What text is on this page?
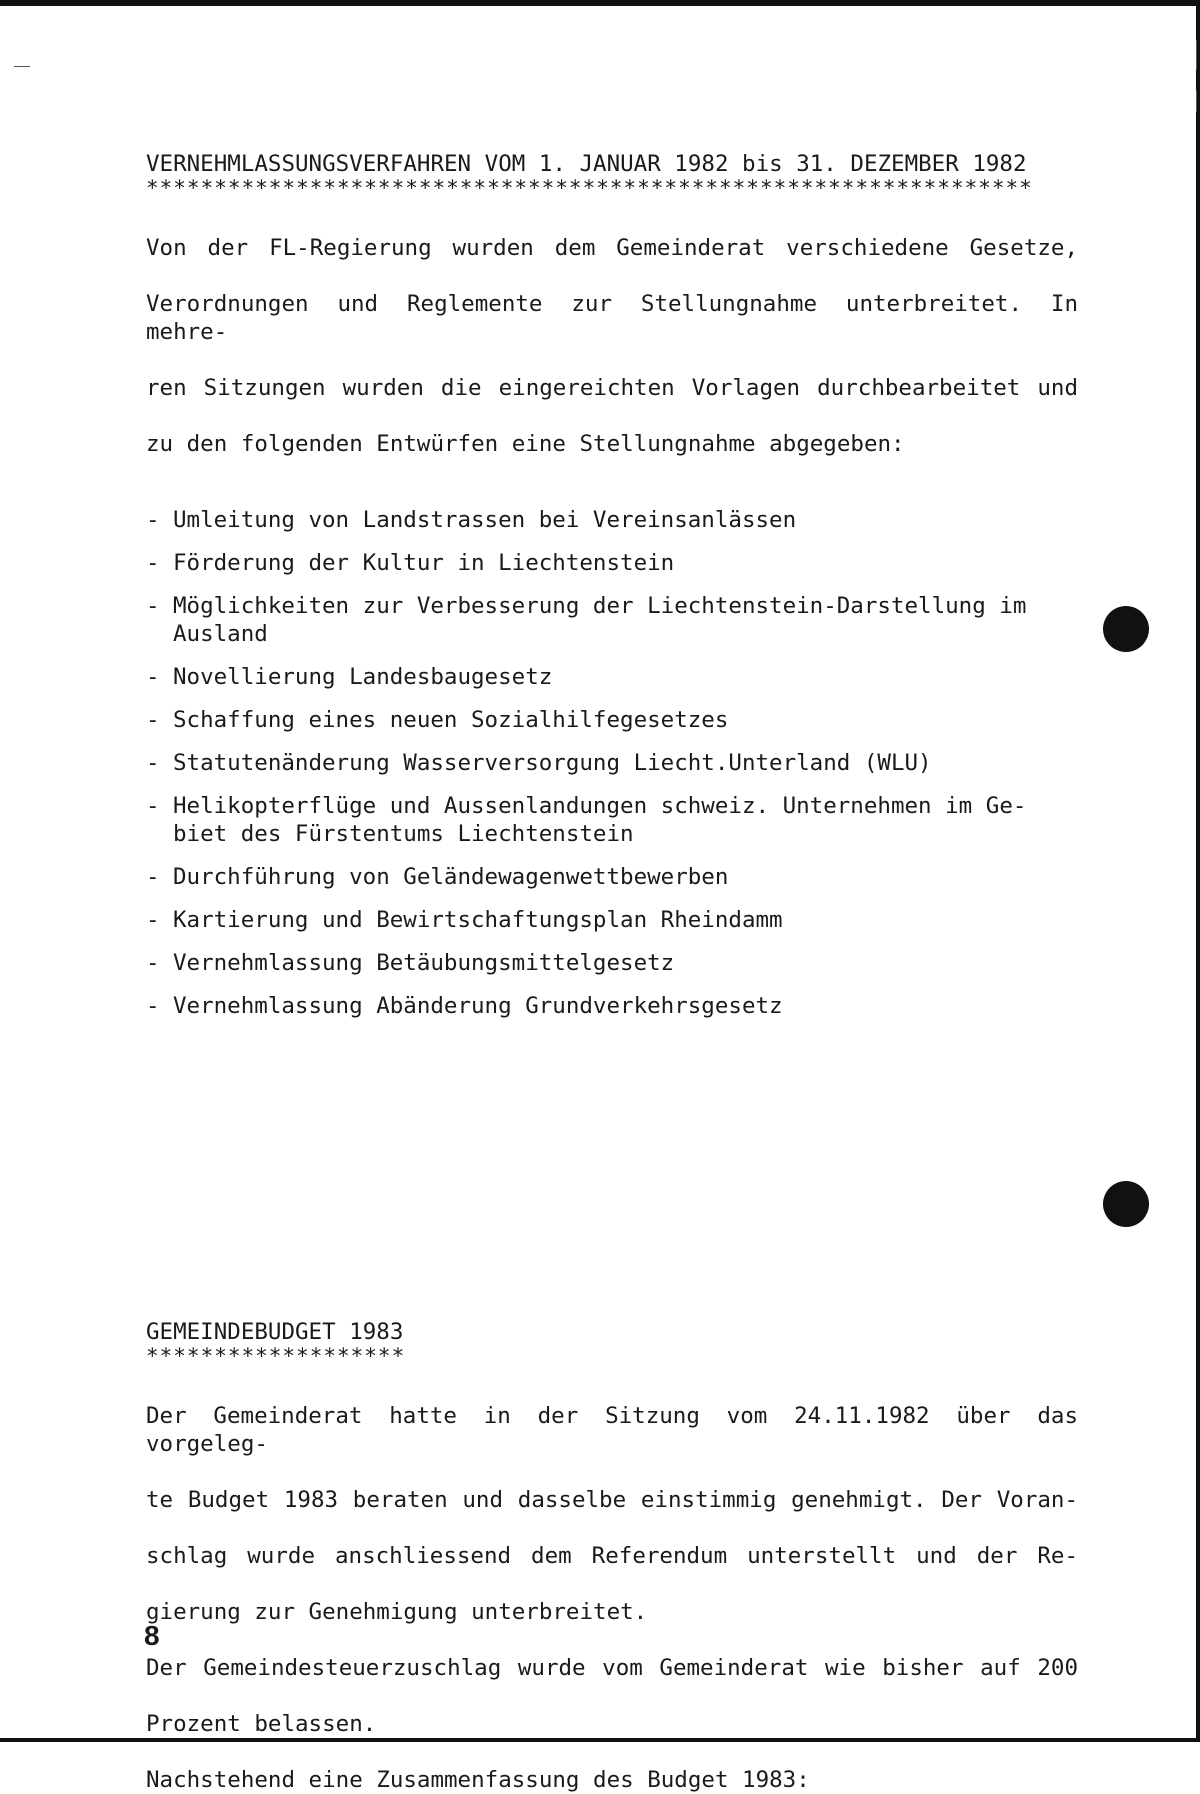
VERNEHMLASSUNGSVERFAHREN VOM 1. JANUAR 1982 bis 31. DEZEMBER 1982
*****************************************************************
Von der FL-Regierung wurden dem Gemeinderat verschiedene Gesetze,
Verordnungen und Reglemente zur Stellungnahme unterbreitet. In mehre-
ren Sitzungen wurden die eingereichten Vorlagen durchbearbeitet und
zu den folgenden Entwürfen eine Stellungnahme abgegeben:
- Umleitung von Landstrassen bei Vereinsanlässen
- Förderung der Kultur in Liechtenstein
- Möglichkeiten zur Verbesserung der Liechtenstein-Darstellung im
Ausland
- Novellierung Landesbaugesetz
- Schaffung eines neuen Sozialhilfegesetzes
- Statutenänderung Wasserversorgung Liecht.Unterland (WLU)
- Helikopterflüge und Aussenlandungen schweiz. Unternehmen im Ge-
biet des Fürstentums Liechtenstein
- Durchführung von Geländewagenwettbewerben
- Kartierung und Bewirtschaftungsplan Rheindamm
- Vernehmlassung Betäubungsmittelgesetz
- Vernehmlassung Abänderung Grundverkehrsgesetz
GEMEINDEBUDGET 1983
*******************
Der Gemeinderat hatte in der Sitzung vom 24.11.1982 über das vorgeleg-
te Budget 1983 beraten und dasselbe einstimmig genehmigt. Der Voran-
schlag wurde anschliessend dem Referendum unterstellt und der Re-
gierung zur Genehmigung unterbreitet.
Der Gemeindesteuerzuschlag wurde vom Gemeinderat wie bisher auf 200
Prozent belassen.
Nachstehend eine Zusammenfassung des Budget 1983:
8
